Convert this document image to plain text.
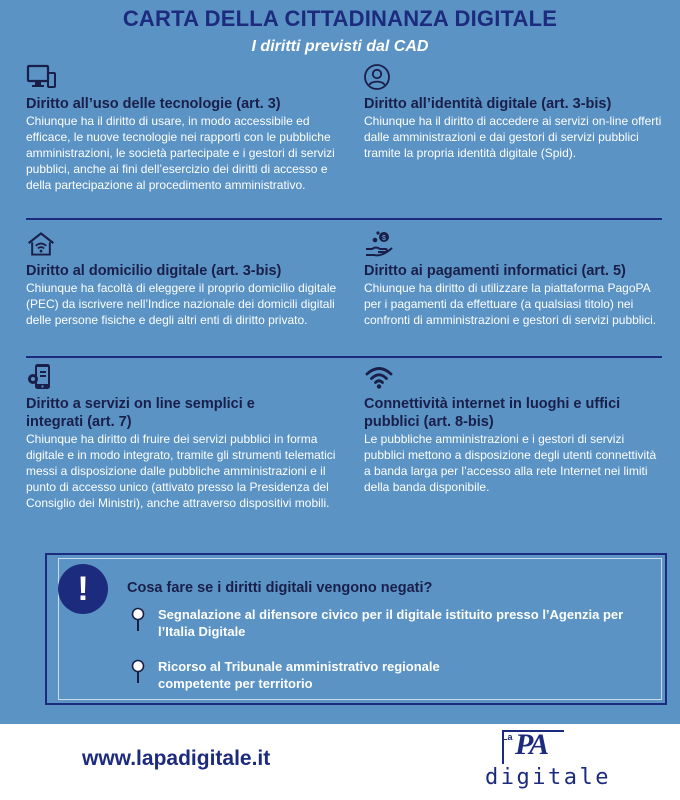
CARTA DELLA CITTADINANZA DIGITALE
I diritti previsti dal CAD
Diritto all’uso delle tecnologie (art. 3)

Chiunque ha il diritto di usare, in modo accessibile ed efficace, le nuove tecnologie nei rapporti con le pubbliche amministrazioni, le società partecipate e i gestori di servizi pubblici, anche ai fini dell’esercizio dei diritti di accesso e della partecipazione al procedimento amministrativo.

Diritto all’identità digitale (art. 3-bis)

Chiunque ha il diritto di accedere ai servizi on-line offerti dalle amministrazioni e dai gestori di servizi pubblici tramite la propria identità digitale (Spid).

Diritto al domicilio digitale (art. 3-bis)

Chiunque ha facoltà di eleggere il proprio domicilio digitale (PEC) da iscrivere nell’Indice nazionale dei domicili digitali delle persone fisiche e degli altri enti di diritto privato.

$
Diritto ai pagamenti informatici (art. 5)

Chiunque ha diritto di utilizzare la piattaforma PagoPA per i pagamenti da effettuare (a qualsiasi titolo) nei confronti di amministrazioni e gestori di servizi pubblici.

Diritto a servizi on line semplici e integrati (art. 7)

Chiunque ha diritto di fruire dei servizi pubblici in forma digitale e in modo integrato, tramite gli strumenti telematici messi a disposizione dalle pubbliche amministrazioni e il punto di accesso unico (attivato presso la Presidenza del Consiglio dei Ministri), anche attraverso dispositivi mobili.

Connettività internet in luoghi e uffici pubblici (art. 8-bis)

Le pubbliche amministrazioni e i gestori di servizi pubblici mettono a disposizione degli utenti connettività a banda larga per l’accesso alla rete Internet nei limiti della banda disponibile.

!	Cosa fare se i diritti digitali vengono negati?
Segnalazione al difensore civico per il digitale istituito presso l’Agenzia per l’Italia Digitale
Ricorso al Tribunale amministrativo regionale competente per territorio
www.lapadigitale.it
La PA
digitale
